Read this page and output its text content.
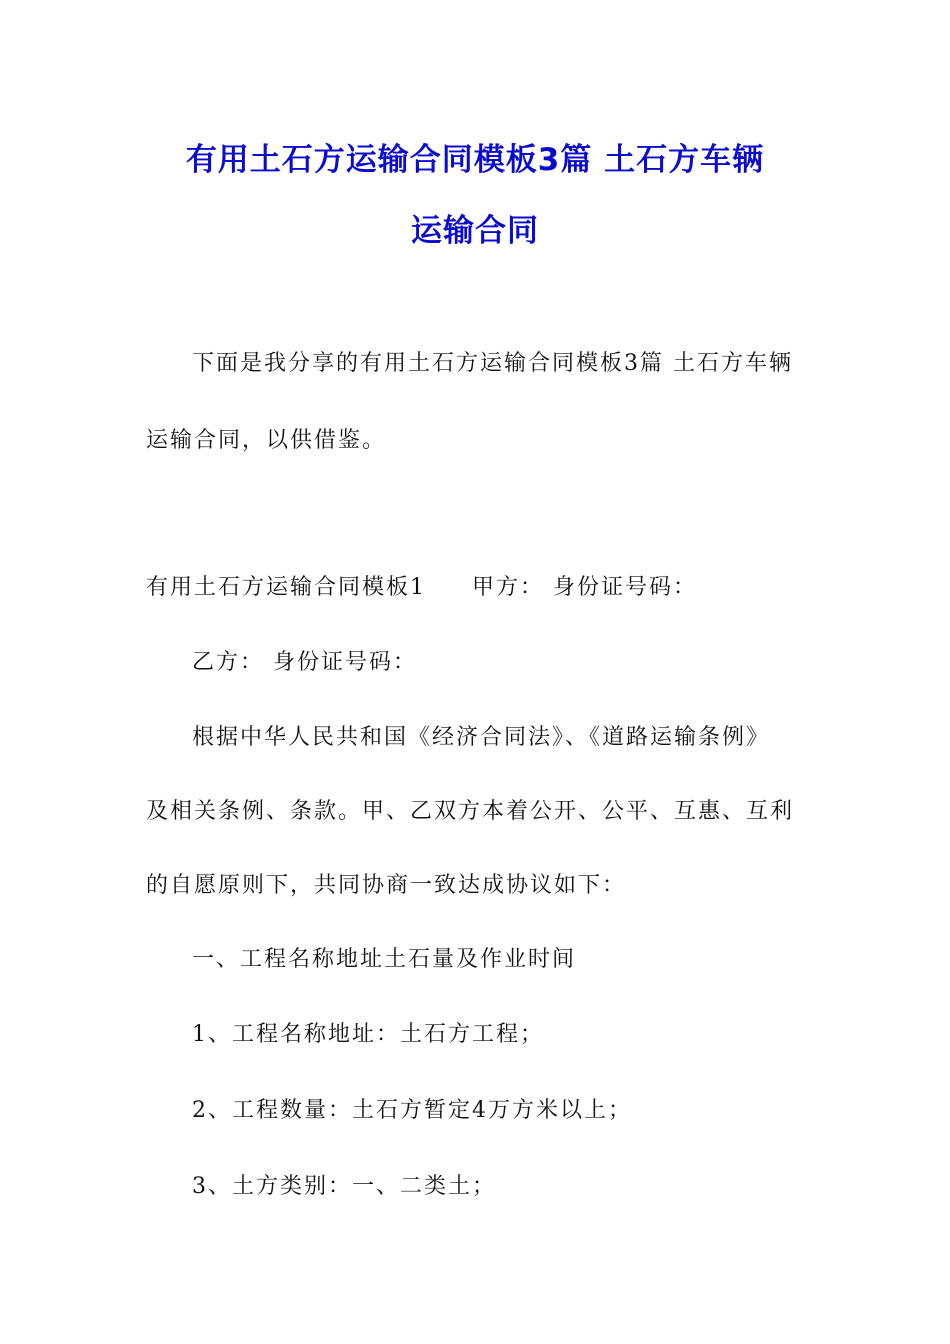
有用土石方运输合同模板3篇 土石方车辆
运输合同
下面是我分享的有用土石方运输合同模板3篇 土石方车辆
运输合同，以供借鉴。
有用土石方运输合同模板1 甲方： 身份证号码：
乙方： 身份证号码：
根据中华人民共和国《经济合同法》、《道路运输条例》
及相关条例、条款。甲、乙双方本着公开、公平、互惠、互利
的自愿原则下，共同协商一致达成协议如下：
一、工程名称地址土石量及作业时间
1、工程名称地址：土石方工程；
2、工程数量：土石方暂定4万方米以上；
3、土方类别：一、二类土；
